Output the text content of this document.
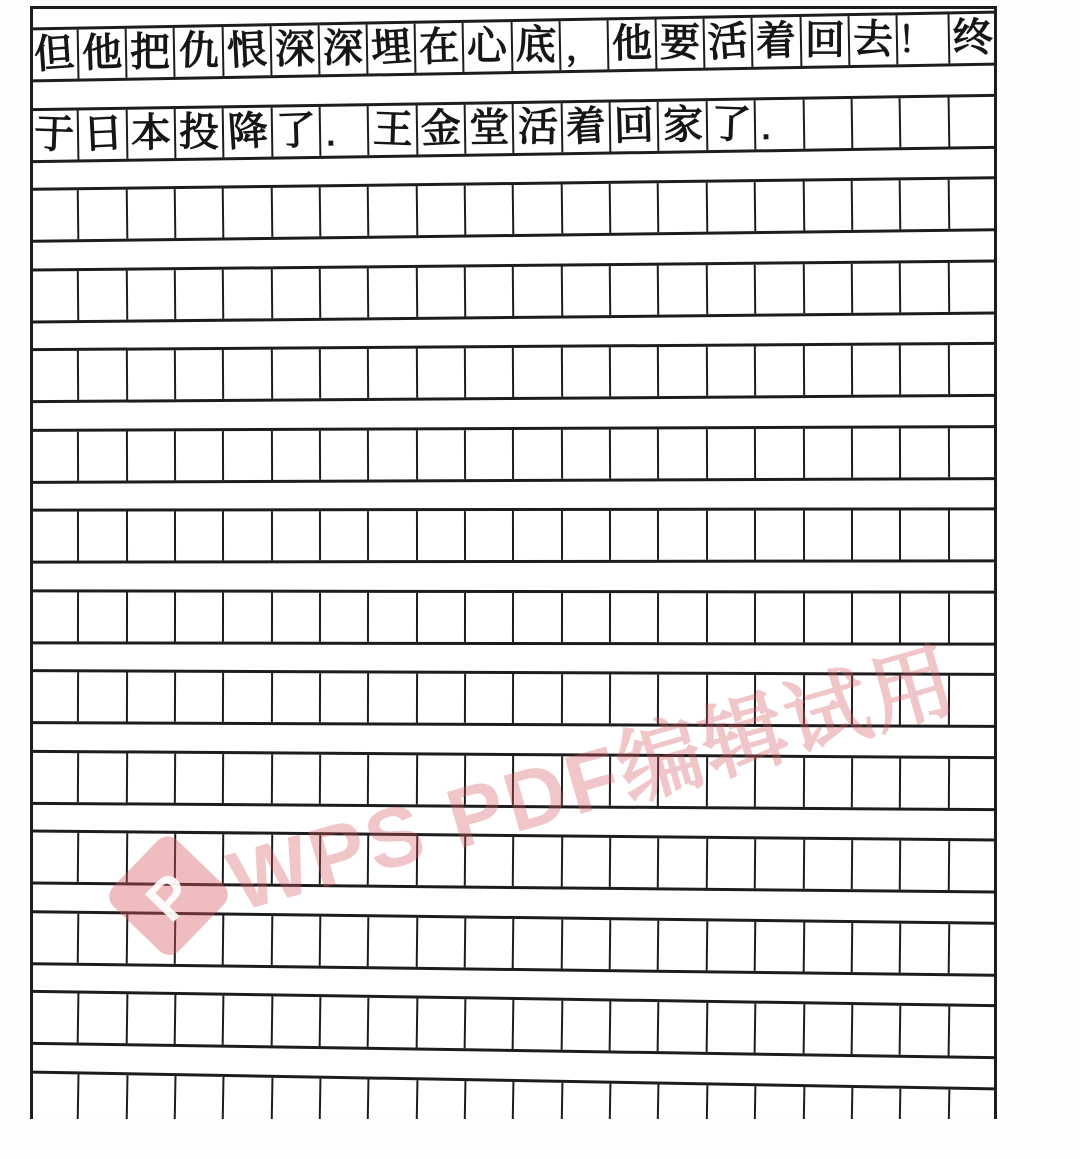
但 他 把 仇 恨 深 深 埋 在 心 底 ， 他 要 活 着 回 去 ！ 终
于 日 本 投 降 了 . 王 金 堂 活 着 回 家 了 .
P WPS PDF编辑试用
